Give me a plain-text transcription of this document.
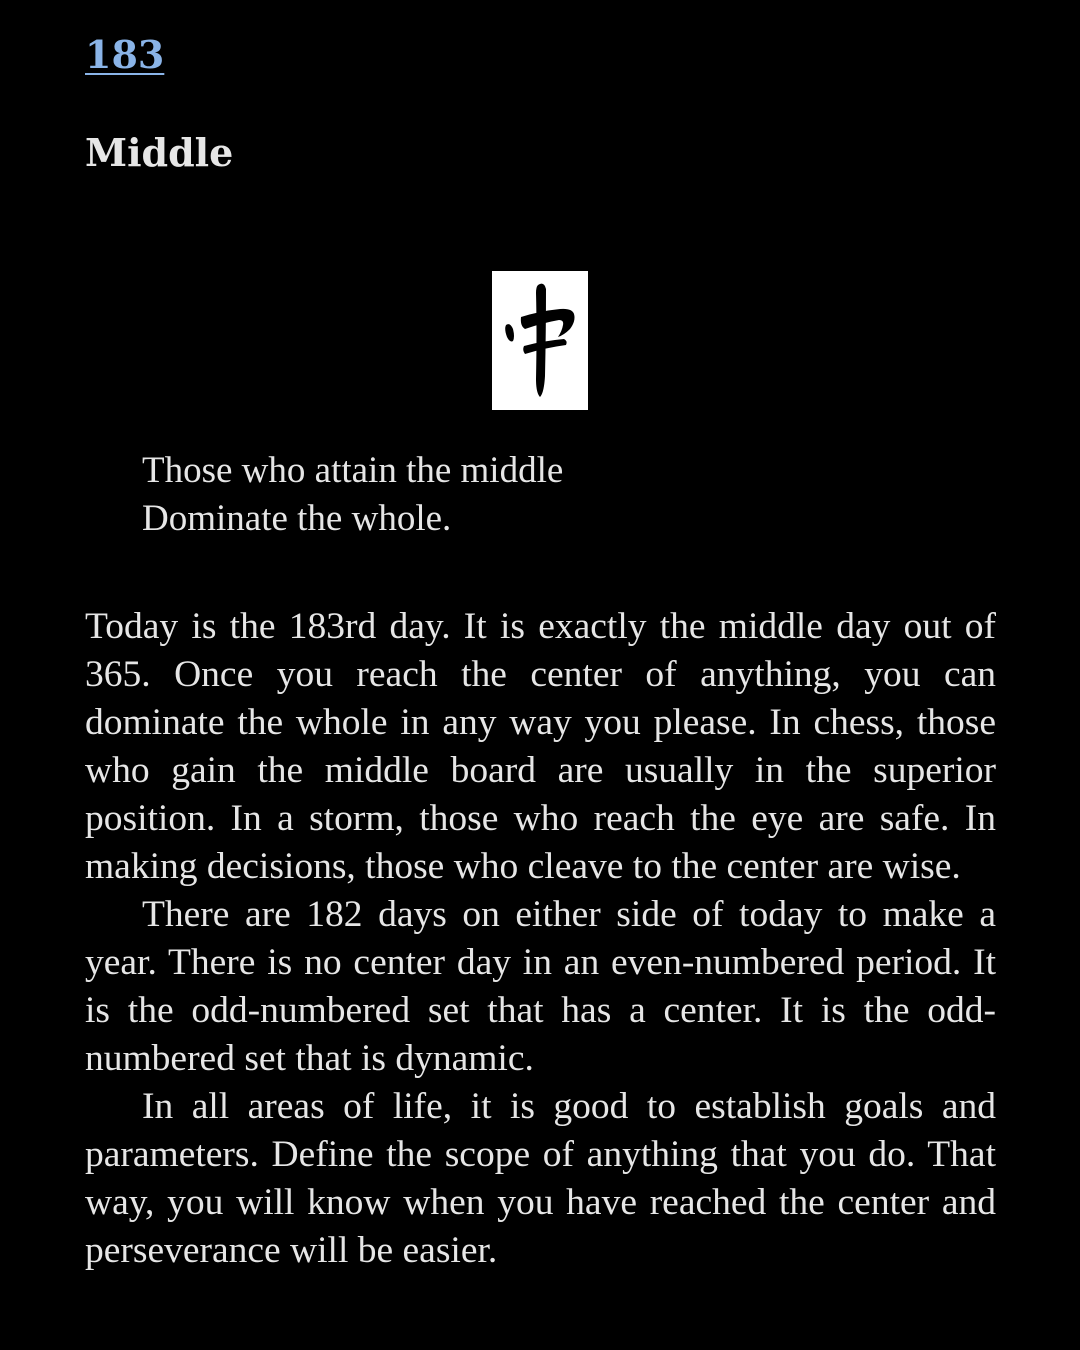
183
Middle
Those who attain the middle
Dominate the whole.

Today is the 183rd day. It is exactly the middle day out of 365. Once you reach the center of anything, you can dominate the whole in any way you please. In chess, those who gain the middle board are usually in the superior position. In a storm, those who reach the eye are safe. In making decisions, those who cleave to the center are wise.

There are 182 days on either side of today to make a year. There is no center day in an even-numbered period. It is the odd-numbered set that has a center. It is the odd-numbered set that is dynamic.

In all areas of life, it is good to establish goals and parameters. Define the scope of anything that you do. That way, you will know when you have reached the center and perseverance will be easier.
